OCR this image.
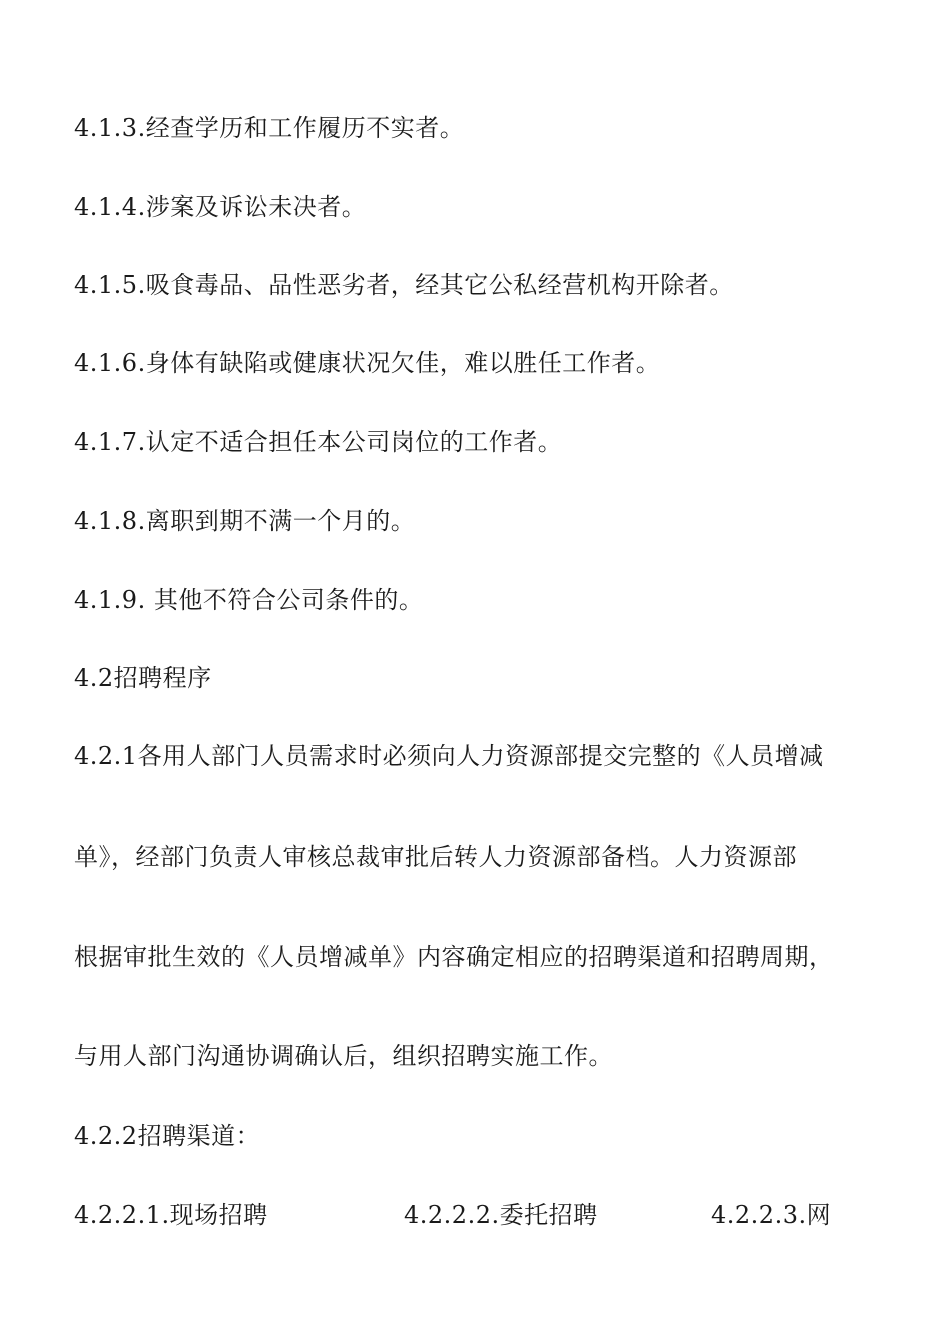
4.1.3.经查学历和工作履历不实者。
4.1.4.涉案及诉讼未决者。
4.1.5.吸食毒品、品性恶劣者，经其它公私经营机构开除者。
4.1.6.身体有缺陷或健康状况欠佳，难以胜任工作者。
4.1.7.认定不适合担任本公司岗位的工作者。
4.1.8.离职到期不满一个月的。
4.1.9. 其他不符合公司条件的。
4.2招聘程序
4.2.1各用人部门人员需求时必须向人力资源部提交完整的《人员增减
单》，经部门负责人审核总裁审批后转人力资源部备档。人力资源部
根据审批生效的《人员增减单》内容确定相应的招聘渠道和招聘周期，
与用人部门沟通协调确认后，组织招聘实施工作。
4.2.2招聘渠道：
4.2.2.1.现场招聘	4.2.2.2.委托招聘	4.2.2.3.网
